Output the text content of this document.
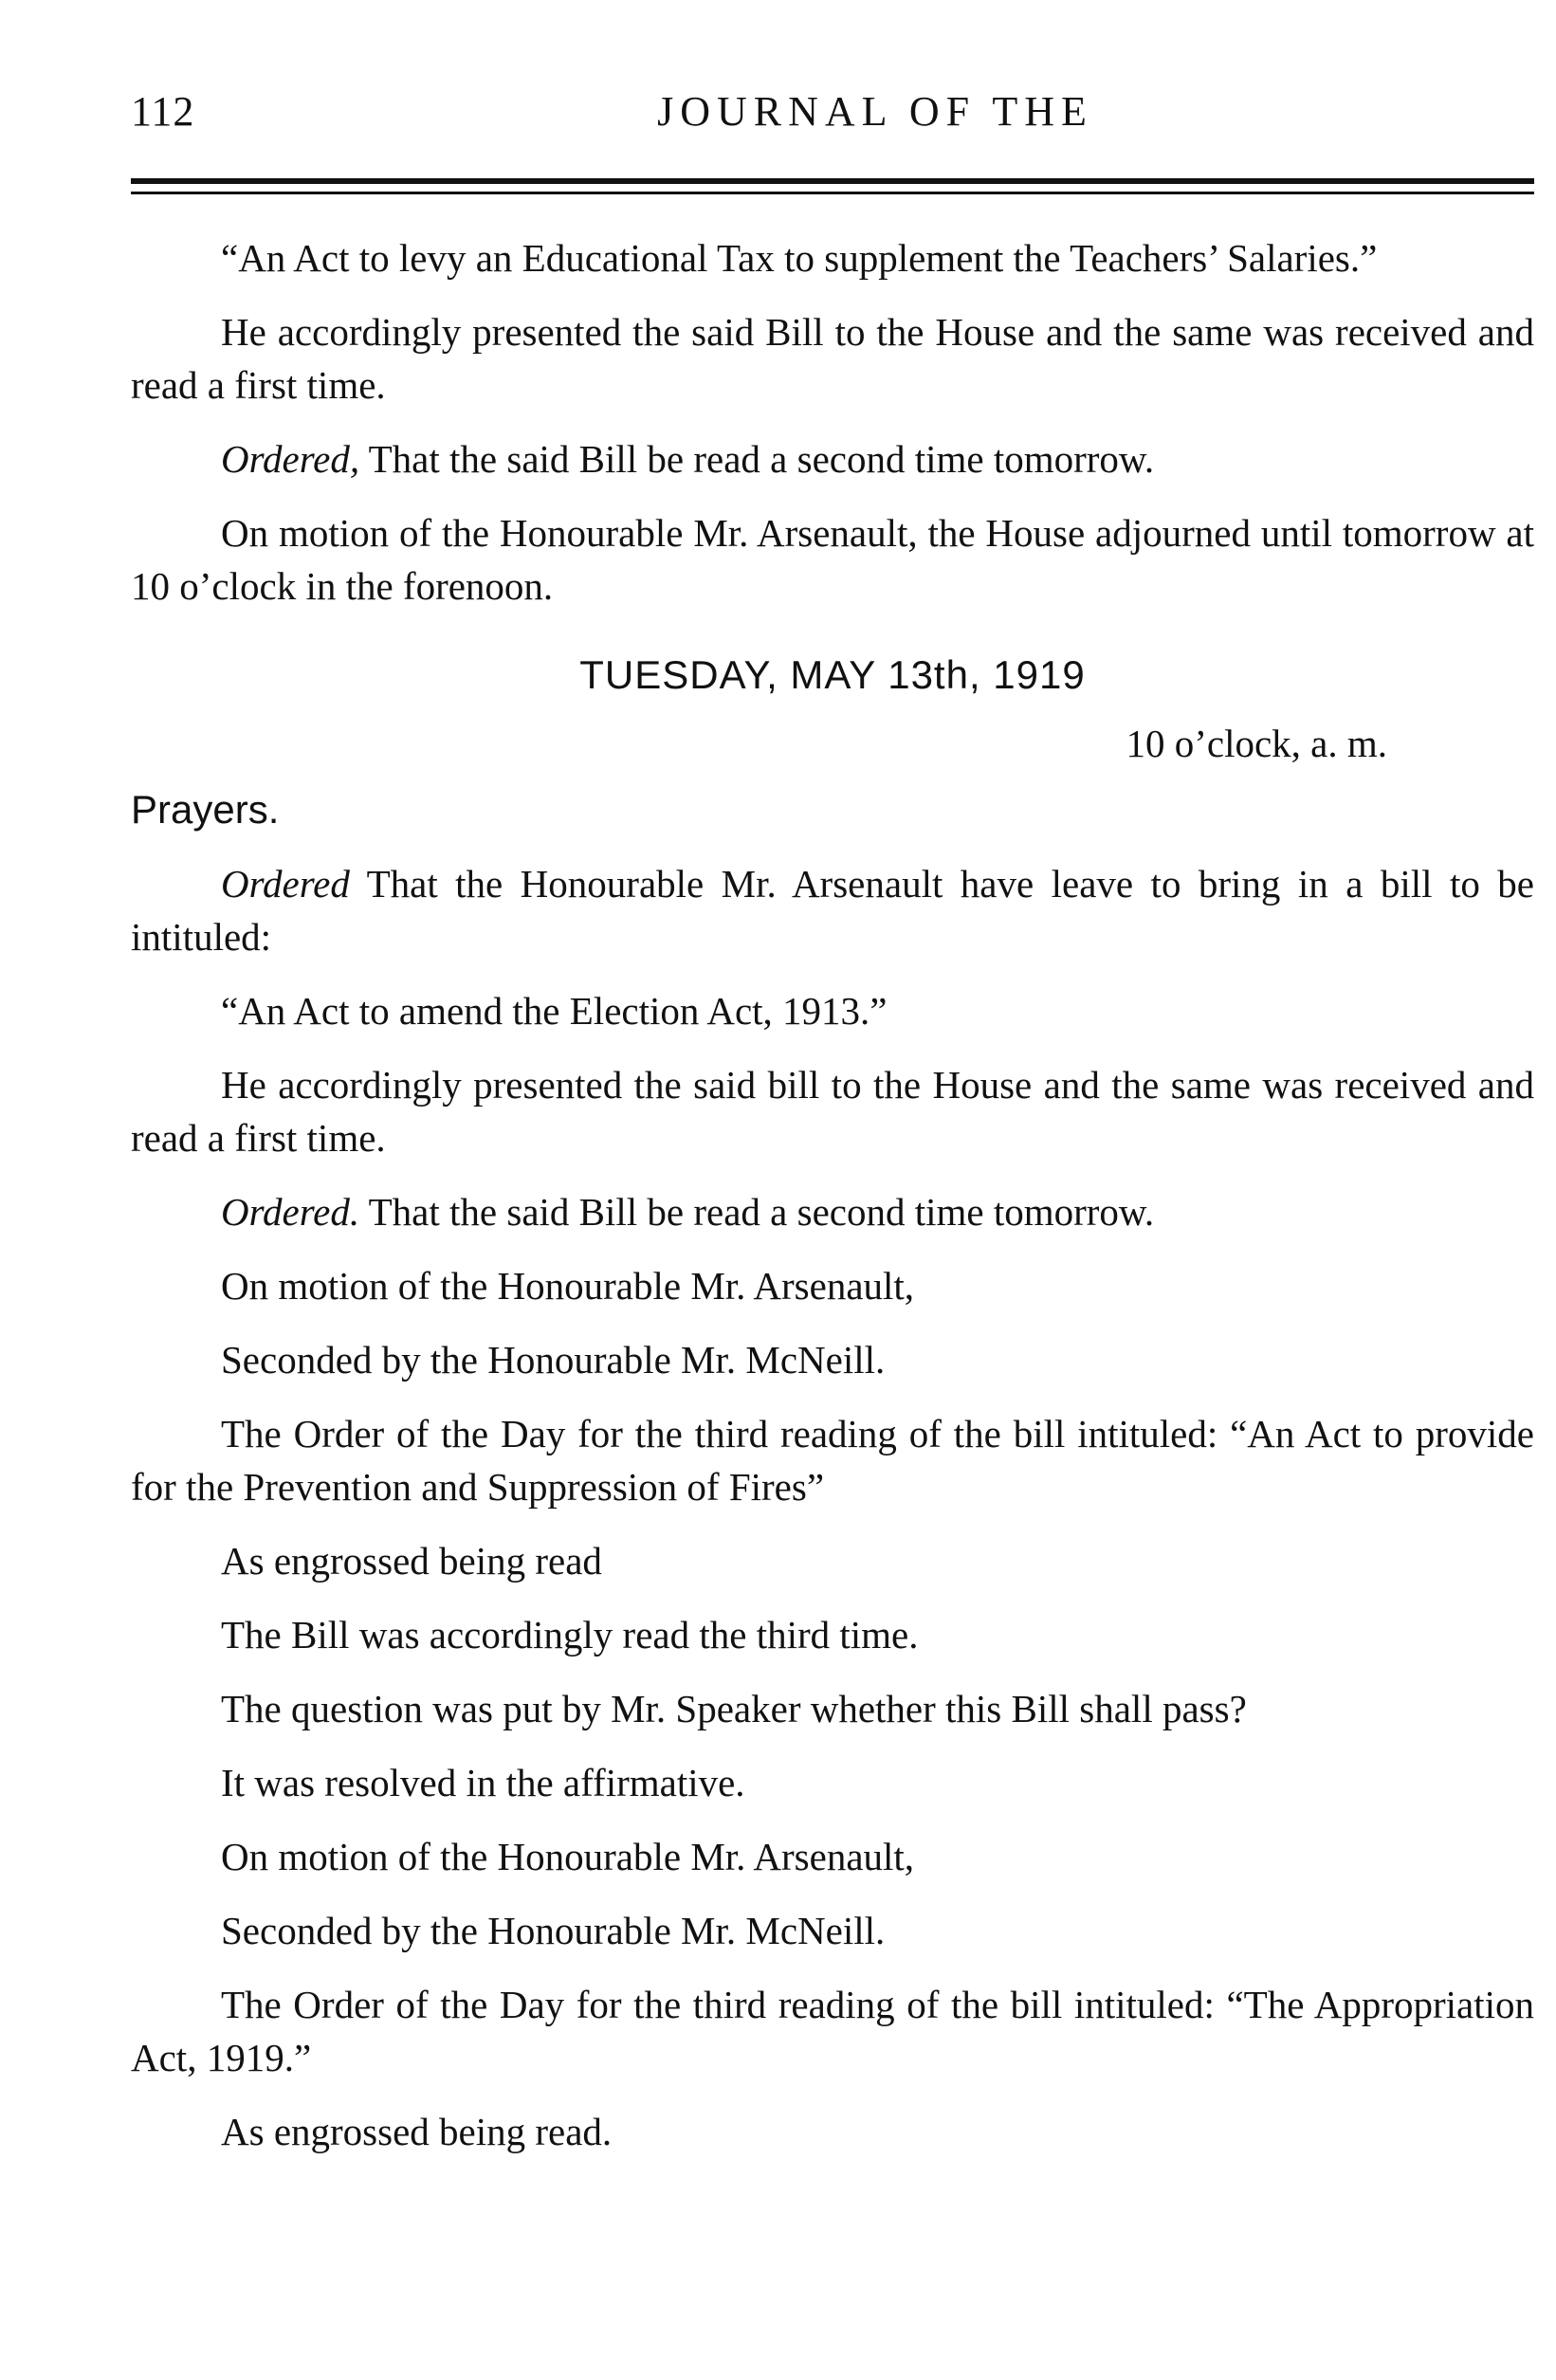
112	JOURNAL OF THE

“An Act to levy an Educational Tax to supplement the Teachers’ Salaries.”

He accordingly presented the said Bill to the House and the same was received and read a first time.

Ordered, That the said Bill be read a second time tomorrow.

On motion of the Honourable Mr. Arsenault, the House adjourned until tomorrow at 10 o’clock in the forenoon.

TUESDAY, MAY 13th, 1919
10 o’clock, a. m.
Prayers.

Ordered That the Honourable Mr. Arsenault have leave to bring in a bill to be intituled:

“An Act to amend the Election Act, 1913.”

He accordingly presented the said bill to the House and the same was received and read a first time.

Ordered. That the said Bill be read a second time tomorrow.

On motion of the Honourable Mr. Arsenault,

Seconded by the Honourable Mr. McNeill.

The Order of the Day for the third reading of the bill intituled: “An Act to provide for the Prevention and Suppression of Fires”

As engrossed being read

The Bill was accordingly read the third time.

The question was put by Mr. Speaker whether this Bill shall pass?

It was resolved in the affirmative.

On motion of the Honourable Mr. Arsenault,

Seconded by the Honourable Mr. McNeill.

The Order of the Day for the third reading of the bill intituled: “The Appropriation Act, 1919.”

As engrossed being read.
